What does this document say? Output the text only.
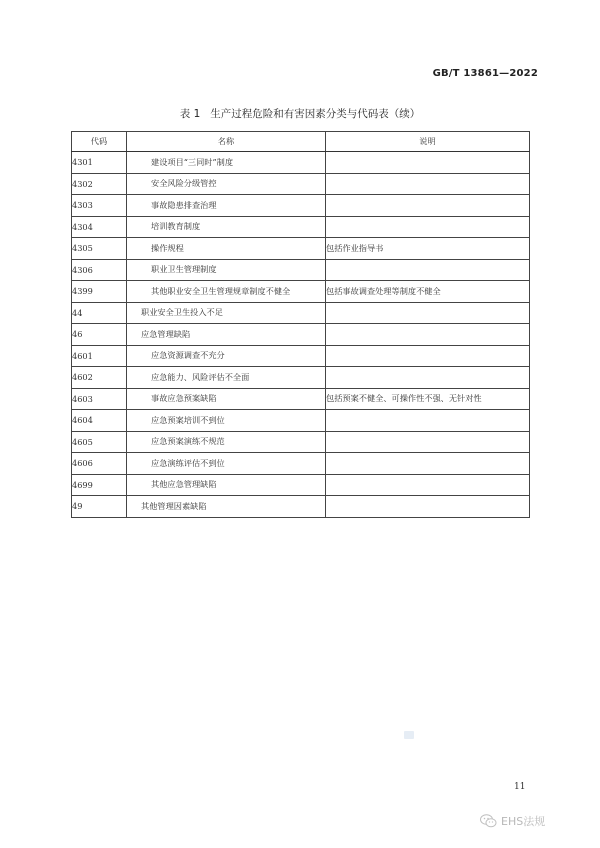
GB/T 13861—2022
表 1 生产过程危险和有害因素分类与代码表（续）
代码	名称	说明
4301	建设项目“三同时”制度	
4302	安全风险分级管控	
4303	事故隐患排查治理	
4304	培训教育制度	
4305	操作规程	包括作业指导书
4306	职业卫生管理制度	
4399	其他职业安全卫生管理规章制度不健全	包括事故调查处理等制度不健全
44	职业安全卫生投入不足	
46	应急管理缺陷	
4601	应急资源调查不充分	
4602	应急能力、风险评估不全面	
4603	事故应急预案缺陷	包括预案不健全、可操作性不强、无针对性
4604	应急预案培训不到位	
4605	应急预案演练不规范	
4606	应急演练评估不到位	
4699	其他应急管理缺陷	
49	其他管理因素缺陷	
11
EHS法规
